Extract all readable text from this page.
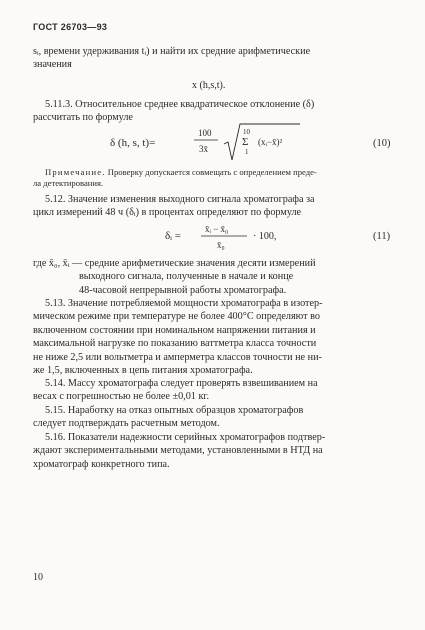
ГОСТ 26703—93
sᵢ, времени удерживания tᵢ) и найти их средние арифметические
значения
x (h,s,t).
5.11.3. Относительное среднее квадратическое отклонение (δ)
рассчитать по формуле
δ (h, s, t)=
100
3x̄
10
Σ
1
(xᵢ−x̄)²	(10)
Примечание. Проверку допускается совмещать с определением преде-
ла детектирования.
5.12. Значение изменения выходного сигнала хроматографа за
цикл измерений 48 ч (δᵢ) в процентах определяют по формуле
δᵢ =
x̄ᵢ − x̄₀
x̄₀
· 100,	(11)
где x̄₀, x̄ᵢ — средние арифметические значения десяти измерений
выходного сигнала, полученные в начале и конце
48-часовой непрерывной работы хроматографа.
5.13. Значение потребляемой мощности хроматографа в изотер-
мическом режиме при температуре не более 400°С определяют во
включенном состоянии при номинальном напряжении питания и
максимальной нагрузке по показанию ваттметра класса точности
не ниже 2,5 или вольтметра и амперметра классов точности не ни-
же 1,5, включенных в цепь питания хроматографа.
5.14. Массу хроматографа следует проверять взвешиванием на
весах с погрешностью не более ±0,01 кг.
5.15. Наработку на отказ опытных образцов хроматографов
следует подтверждать расчетным методом.
5.16. Показатели надежности серийных хроматографов подтвер-
ждают экспериментальными методами, установленными в НТД на
хроматограф конкретного типа.
10
